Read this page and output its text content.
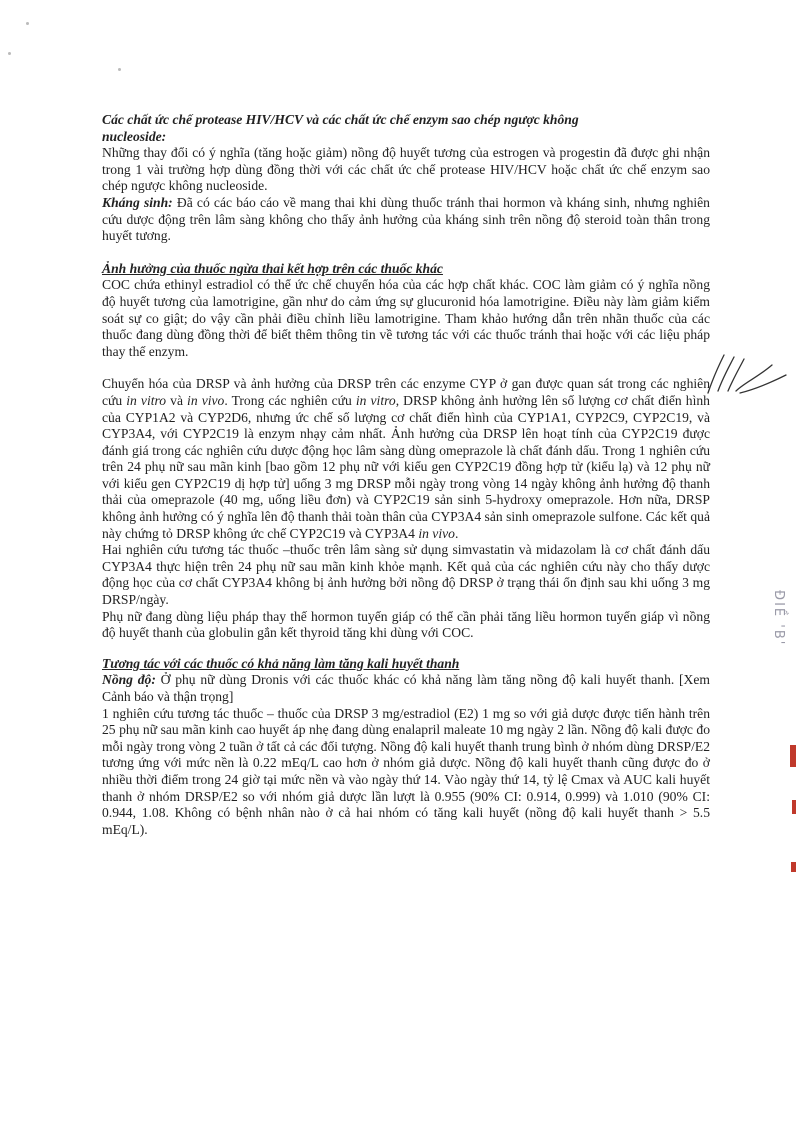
Các chất ức chế protease HIV/HCV và các chất ức chế enzym sao chép ngược không

nucleoside:

Những thay đổi có ý nghĩa (tăng hoặc giảm) nồng độ huyết tương của estrogen và progestin đã được ghi nhận trong 1 vài trường hợp dùng đồng thời với các chất ức chế protease HIV/HCV hoặc chất ức chế enzym sao chép ngược không nucleoside.

Kháng sinh: Đã có các báo cáo về mang thai khi dùng thuốc tránh thai hormon và kháng sinh, nhưng nghiên cứu dược động trên lâm sàng không cho thấy ảnh hưởng của kháng sinh trên nồng độ steroid toàn thân trong huyết tương.

Ảnh hưởng của thuốc ngừa thai kết hợp trên các thuốc khác

COC chứa ethinyl estradiol có thể ức chế chuyển hóa của các hợp chất khác. COC làm giảm có ý nghĩa nồng độ huyết tương của lamotrigine, gần như do cảm ứng sự glucuronid hóa lamotrigine. Điều này làm giảm kiểm soát sự co giật; do vậy cần phải điều chỉnh liều lamotrigine. Tham khảo hướng dẫn trên nhãn thuốc của các thuốc đang dùng đồng thời để biết thêm thông tin về tương tác với các thuốc tránh thai hoặc với các liệu pháp thay thế enzym.

Chuyển hóa của DRSP và ảnh hưởng của DRSP trên các enzyme CYP ở gan được quan sát trong các nghiên cứu in vitro và in vivo. Trong các nghiên cứu in vitro, DRSP không ảnh hưởng lên số lượng cơ chất điển hình của CYP1A2 và CYP2D6, nhưng ức chế số lượng cơ chất điển hình của CYP1A1, CYP2C9, CYP2C19, và CYP3A4, với CYP2C19 là enzym nhạy cảm nhất. Ảnh hưởng của DRSP lên hoạt tính của CYP2C19 được đánh giá trong các nghiên cứu dược động học lâm sàng dùng omeprazole là chất đánh dấu. Trong 1 nghiên cứu trên 24 phụ nữ sau mãn kinh [bao gồm 12 phụ nữ với kiểu gen CYP2C19 đồng hợp tử (kiểu lạ) và 12 phụ nữ với kiểu gen CYP2C19 dị hợp tử] uống 3 mg DRSP mỗi ngày trong vòng 14 ngày không ảnh hưởng độ thanh thải của omeprazole (40 mg, uống liều đơn) và CYP2C19 sản sinh 5-hydroxy omeprazole. Hơn nữa, DRSP không ảnh hưởng có ý nghĩa lên độ thanh thải toàn thân của CYP3A4 sản sinh omeprazole sulfone. Các kết quả này chứng tỏ DRSP không ức chế CYP2C19 và CYP3A4 in vivo.

Hai nghiên cứu tương tác thuốc –thuốc trên lâm sàng sử dụng simvastatin và midazolam là cơ chất đánh dấu CYP3A4 thực hiện trên 24 phụ nữ sau mãn kinh khỏe mạnh. Kết quả của các nghiên cứu này cho thấy dược động học của cơ chất CYP3A4 không bị ảnh hưởng bởi nồng độ DRSP ở trạng thái ổn định sau khi uống 3 mg DRSP/ngày.

Phụ nữ đang dùng liệu pháp thay thế hormon tuyến giáp có thể cần phải tăng liều hormon tuyến giáp vì nồng độ huyết thanh của globulin gắn kết thyroid tăng khi dùng với COC.

Tương tác với các thuốc có khả năng làm tăng kali huyết thanh

Nồng độ: Ở phụ nữ dùng Dronis với các thuốc khác có khả năng làm tăng nồng độ kali huyết thanh. [Xem Cảnh báo và thận trọng]

1 nghiên cứu tương tác thuốc – thuốc của DRSP 3 mg/estradiol (E2) 1 mg so với giả dược được tiến hành trên 25 phụ nữ sau mãn kinh cao huyết áp nhẹ đang dùng enalapril maleate 10 mg ngày 2 lần. Nồng độ kali được đo mỗi ngày trong vòng 2 tuần ở tất cả các đối tượng. Nồng độ kali huyết thanh trung bình ở nhóm dùng DRSP/E2 tương ứng với mức nền là 0.22 mEq/L cao hơn ở nhóm giả dược. Nồng độ kali huyết thanh cũng được đo ở nhiều thời điểm trong 24 giờ tại mức nền và vào ngày thứ 14. Vào ngày thứ 14, tỷ lệ Cmax và AUC kali huyết thanh ở nhóm DRSP/E2 so với nhóm giả dược lần lượt là 0.955 (90% CI: 0.914, 0.999) và 1.010 (90% CI: 0.944, 1.08. Không có bệnh nhân nào ở cả hai nhóm có tăng kali huyết (nồng độ kali huyết thanh > 5.5 mEq/L).

ĐIỀ 'B'
